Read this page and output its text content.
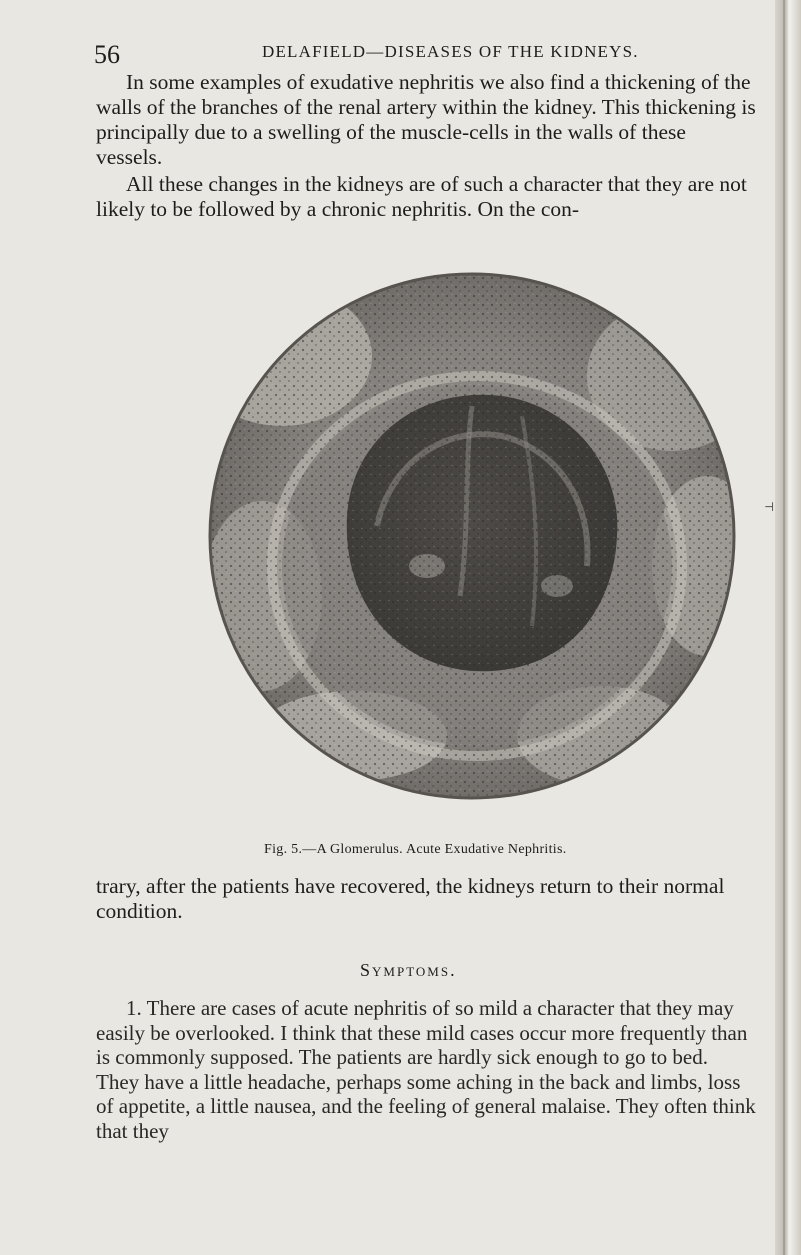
56	DELAFIELD—DISEASES OF THE KIDNEYS.

In some examples of exudative nephritis we also find a thickening of the walls of the branches of the renal artery within the kidney. This thickening is principally due to a swelling of the muscle-cells in the walls of these vessels.

All these changes in the kidneys are of such a character that they are not likely to be followed by a chronic nephritis. On the con-

⊣
Fig. 5.—A Glomerulus. Acute Exudative Nephritis.

trary, after the patients have recovered, the kidneys return to their normal condition.

Symptoms.

1. There are cases of acute nephritis of so mild a character that they may easily be overlooked. I think that these mild cases occur more frequently than is commonly supposed. The patients are hardly sick enough to go to bed. They have a little headache, perhaps some aching in the back and limbs, loss of appetite, a little nausea, and the feeling of general malaise. They often think that they
